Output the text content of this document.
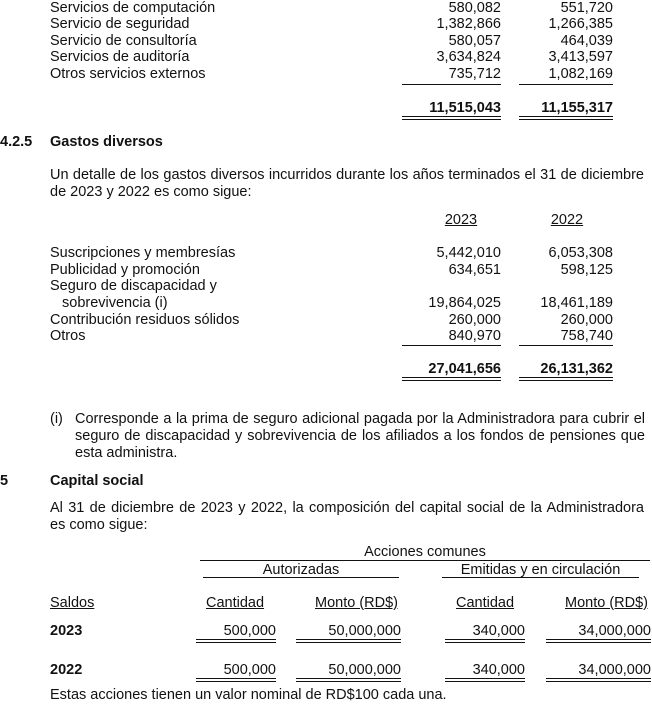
Servicios de computación	580,082	551,720
Servicio de seguridad	1,382,866	1,266,385
Servicio de consultoría	580,057	464,039
Servicios de auditoría	3,634,824	3,413,597
Otros servicios externos	735,712	1,082,169
11,515,043	11,155,317
4.2.5 Gastos diversos
Un detalle de los gastos diversos incurridos durante los años terminados el 31 de diciembre de 2023 y 2022 es como sigue:
2023	2022
Suscripciones y membresías	5,442,010	6,053,308
Publicidad y promoción	634,651	598,125
Seguro de discapacidad y
sobrevivencia (i)	19,864,025	18,461,189
Contribución residuos sólidos	260,000	260,000
Otros	840,970	758,740
27,041,656	26,131,362
(i) Corresponde a la prima de seguro adicional pagada por la Administradora para cubrir el seguro de discapacidad y sobrevivencia de los afiliados a los fondos de pensiones que esta administra.
5	Capital social
Al 31 de diciembre de 2023 y 2022, la composición del capital social de la Administradora es como sigue:
Acciones comunes
Autorizadas	Emitidas y en circulación
Saldos	Cantidad	Monto (RD$)	Cantidad	Monto (RD$)
2023	500,000	50,000,000	340,000	34,000,000
2022	500,000	50,000,000	340,000	34,000,000
Estas acciones tienen un valor nominal de RD$100 cada una.
